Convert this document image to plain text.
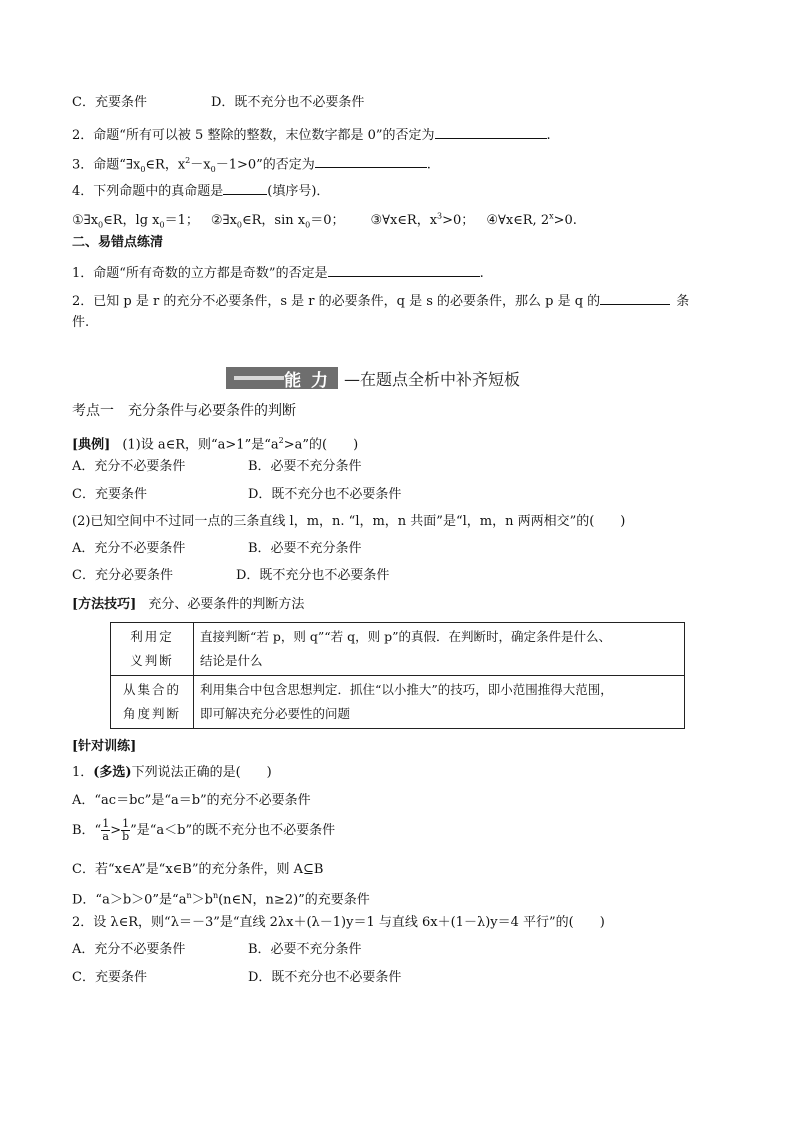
C．充要条件	D．既不充分也不必要条件
2．命题“所有可以被 5 整除的整数，末位数字都是 0”的否定为	.
3．命题“$\exists x_0\in R$，$x^2-x_0-1>0$”的否定为	.
4．下列命题中的真命题是	(填序号)．
$①\exists x_0\in R$，$\lg x_0=1$； $②\exists x_0\in R$，$\sin x_0=0$； ③∀x∈R，$x^3>0$； ④∀x∈R, $2^x>0$.
二、易错点练清
1．命题“所有奇数的立方都是奇数”的否定是	.
2．已知 p 是 r 的充分不必要条件，s 是 r 的必要条件，q 是 s 的必要条件，那么 p 是 q 的	条
件.
能 力 —在题点全析中补齐短板
考点一　充分条件与必要条件的判断
[典例] (1)设 a∈R，则“a>1”是“$a^2>a$”的(　　)
A．充分不必要条件	B．必要不充分条件
C．充要条件	D．既不充分也不必要条件
(2)已知空间中不过同一点的三条直线 l，m，n. “l，m，n 共面”是“l，m，n 两两相交”的(　　)
A．充分不必要条件	B．必要不充分条件
C．充分必要条件	D．既不充分也不必要条件
[方法技巧] 充分、必要条件的判断方法
利用定
义判断	直接判断“若 p，则 q”“若 q，则 p”的真假．在判断时，确定条件是什么、
结论是什么
从集合的
角度判断	利用集合中包含思想判定．抓住“以小推大”的技巧，即小范围推得大范围，
即可解决充分必要性的问题
[针对训练]
1．(多选)下列说法正确的是(　　)
A．“ac＝bc”是“a＝b”的充分不必要条件
B．“ $\frac{1}{a} > \frac{1}{b}$ ”是“a＜b”的既不充分也不必要条件
C．若“x∈A”是“x∈B”的充分条件，则 A⊆B
D．“a＞b＞0”是“$a^n>b^n(n\in N$，n≥2)”的充要条件
2．设 λ∈R，则“λ＝－3”是“直线 2λx＋(λ－1)y＝1 与直线 6x＋(1－λ)y＝4 平行”的(　　)
A．充分不必要条件	B．必要不充分条件
C．充要条件	D．既不充分也不必要条件
